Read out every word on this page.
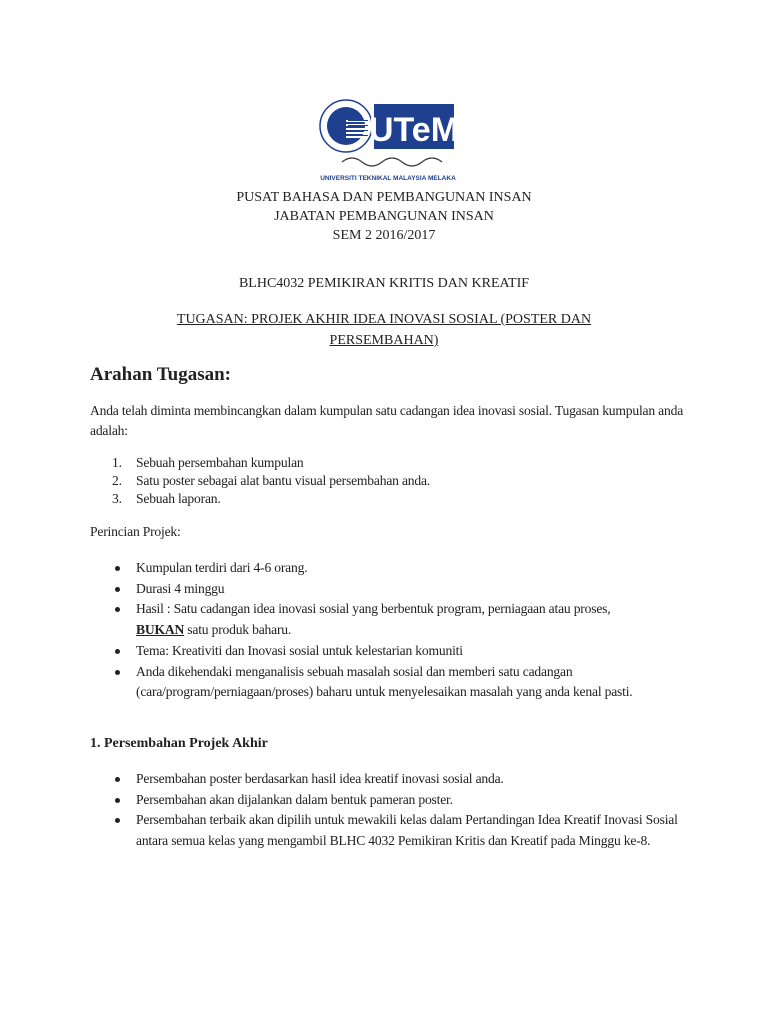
UTeM
UNIVERSITI TEKNIKAL MALAYSIA MELAKA
PUSAT BAHASA DAN PEMBANGUNAN INSAN
JABATAN PEMBANGUNAN INSAN
SEM 2 2016/2017
BLHC4032 PEMIKIRAN KRITIS DAN KREATIF
TUGASAN: PROJEK AKHIR IDEA INOVASI SOSIAL (POSTER DAN
PERSEMBAHAN)
Arahan Tugasan:
Anda telah diminta membincangkan dalam kumpulan satu cadangan idea inovasi sosial. Tugasan kumpulan anda adalah:
1. Sebuah persembahan kumpulan
2. Satu poster sebagai alat bantu visual persembahan anda.
3. Sebuah laporan.
Perincian Projek:
Kumpulan terdiri dari 4-6 orang.
Durasi 4 minggu
Hasil : Satu cadangan idea inovasi sosial yang berbentuk program, perniagaan atau proses, BUKAN satu produk baharu.
Tema: Kreativiti dan Inovasi sosial untuk kelestarian komuniti
Anda dikehendaki menganalisis sebuah masalah sosial dan memberi satu cadangan (cara/program/perniagaan/proses) baharu untuk menyelesaikan masalah yang anda kenal pasti.
1. Persembahan Projek Akhir
Persembahan poster berdasarkan hasil idea kreatif inovasi sosial anda.
Persembahan akan dijalankan dalam bentuk pameran poster.
Persembahan terbaik akan dipilih untuk mewakili kelas dalam Pertandingan Idea Kreatif Inovasi Sosial antara semua kelas yang mengambil BLHC 4032 Pemikiran Kritis dan Kreatif pada Minggu ke-8.
